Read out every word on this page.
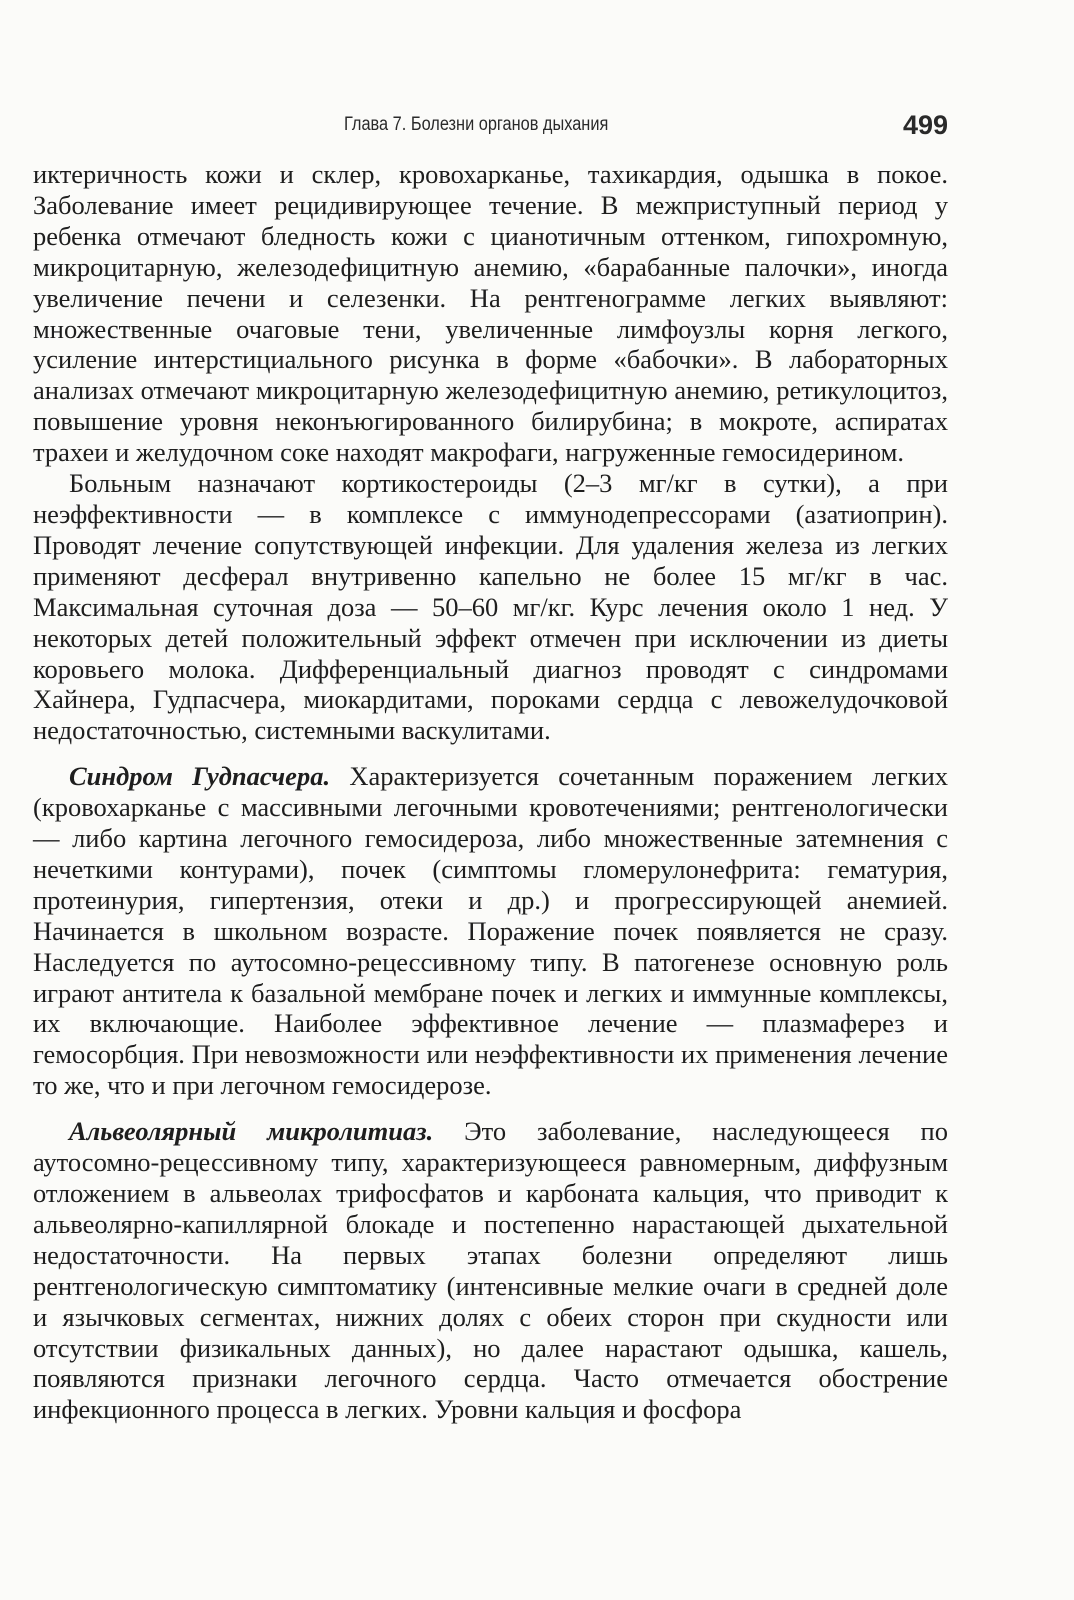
Глава 7. Болезни органов дыхания	499

иктеричность кожи и склер, кровохарканье, тахикардия, одышка в покое. Заболевание имеет рецидивирующее течение. В межприступный период у ребенка отмечают бледность кожи с цианотичным оттенком, гипохромную, микроцитарную, железодефицитную анемию, «барабанные палочки», иногда увеличение печени и селезенки. На рентгенограмме легких выявляют: множественные очаговые тени, увеличенные лимфоузлы корня легкого, усиление интерстициального рисунка в форме «бабочки». В лабораторных анализах отмечают микроцитарную железодефицитную анемию, ретикулоцитоз, повышение уровня неконъюгированного билирубина; в мокроте, аспиратах трахеи и желудочном соке находят макрофаги, нагруженные гемосидерином.

Больным назначают кортикостероиды (2–3 мг/кг в сутки), а при неэффективности — в комплексе с иммунодепрессорами (азатиоприн). Проводят лечение сопутствующей инфекции. Для удаления железа из легких применяют десферал внутривенно капельно не более 15 мг/кг в час. Максимальная суточная доза — 50–60 мг/кг. Курс лечения около 1 нед. У некоторых детей положительный эффект отмечен при исключении из диеты коровьего молока. Дифференциальный диагноз проводят с синдромами Хайнера, Гудпасчера, миокардитами, пороками сердца с левожелудочковой недостаточностью, системными васкулитами.

Синдром Гудпасчера. Характеризуется сочетанным поражением легких (кровохарканье с массивными легочными кровотечениями; рентгенологически — либо картина легочного гемосидероза, либо множественные затемнения с нечеткими контурами), почек (симптомы гломерулонефрита: гематурия, протеинурия, гипертензия, отеки и др.) и прогрессирующей анемией. Начинается в школьном возрасте. Поражение почек появляется не сразу. Наследуется по аутосомно-рецессивному типу. В патогенезе основную роль играют антитела к базальной мембране почек и легких и иммунные комплексы, их включающие. Наиболее эффективное лечение — плазмаферез и гемосорбция. При невозможности или неэффективности их применения лечение то же, что и при легочном гемосидерозе.

Альвеолярный микролитиаз. Это заболевание, наследующееся по аутосомно-рецессивному типу, характеризующееся равномерным, диффузным отложением в альвеолах трифосфатов и карбоната кальция, что приводит к альвеолярно-капиллярной блокаде и постепенно нарастающей дыхательной недостаточности. На первых этапах болезни определяют лишь рентгенологическую симптоматику (интенсивные мелкие очаги в средней доле и язычковых сегментах, нижних долях с обеих сторон при скудности или отсутствии физикальных данных), но далее нарастают одышка, кашель, появляются признаки легочного сердца. Часто отмечается обострение инфекционного процесса в легких. Уровни кальция и фосфора
